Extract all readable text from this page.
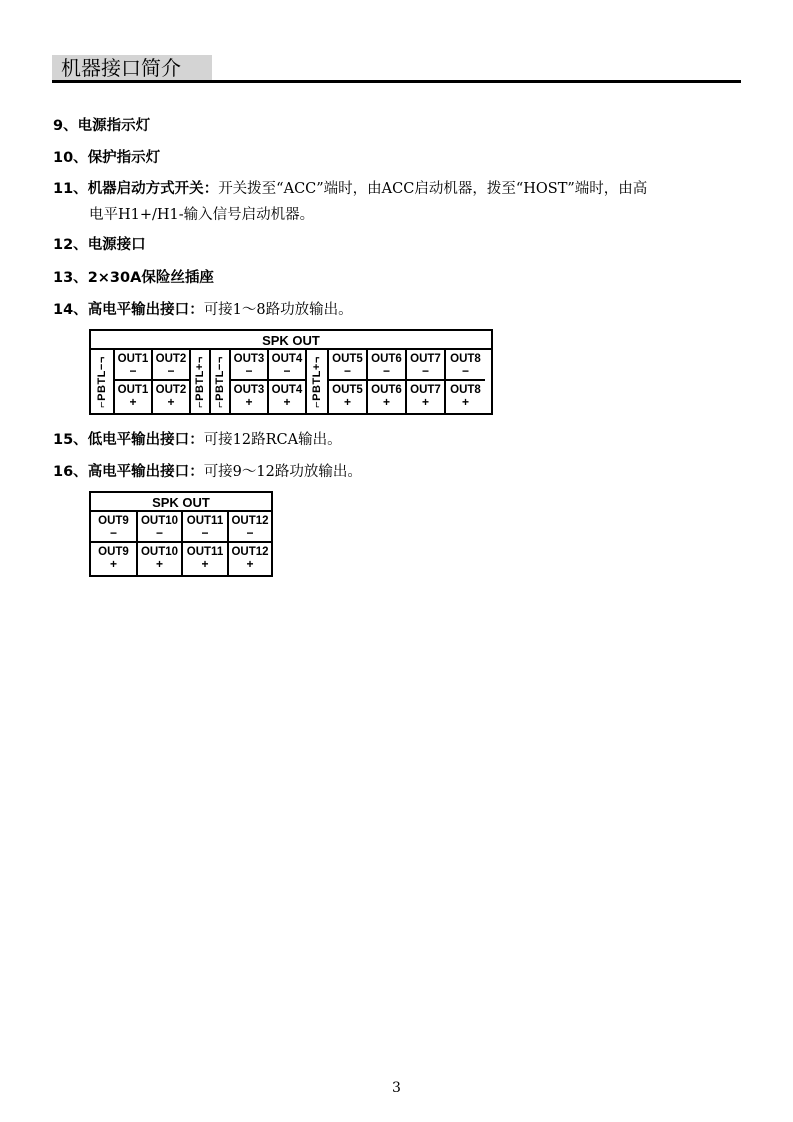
机器接口简介
9、电源指示灯
10、保护指示灯
11、机器启动方式开关：开关拨至“ACC”端时，由ACC启动机器，拨至“HOST”端时，由高
电平H1+/H1-输入信号启动机器。
12、电源接口
13、2×30A保险丝插座
14、高电平输出接口：可接1～8路功放输出。
SPK OUT
⌐PBTL−¬ OUT1
−
OUT1
+
OUT2
−
OUT2
+	⌐PBTL+¬ ⌐PBTL−¬ OUT3
−
OUT3
+
OUT4
−
OUT4
+	⌐PBTL+¬ OUT5
−
OUT5
+
OUT6
−
OUT6
+
OUT7
−
OUT7
+
OUT8
−
OUT8
+
15、低电平输出接口：可接12路RCA输出。
16、高电平输出接口：可接9～12路功放输出。
SPK OUT
OUT9
−
OUT9
+
OUT10
−
OUT10
+
OUT11
−
OUT11
+
OUT12
−
OUT12
+
3
